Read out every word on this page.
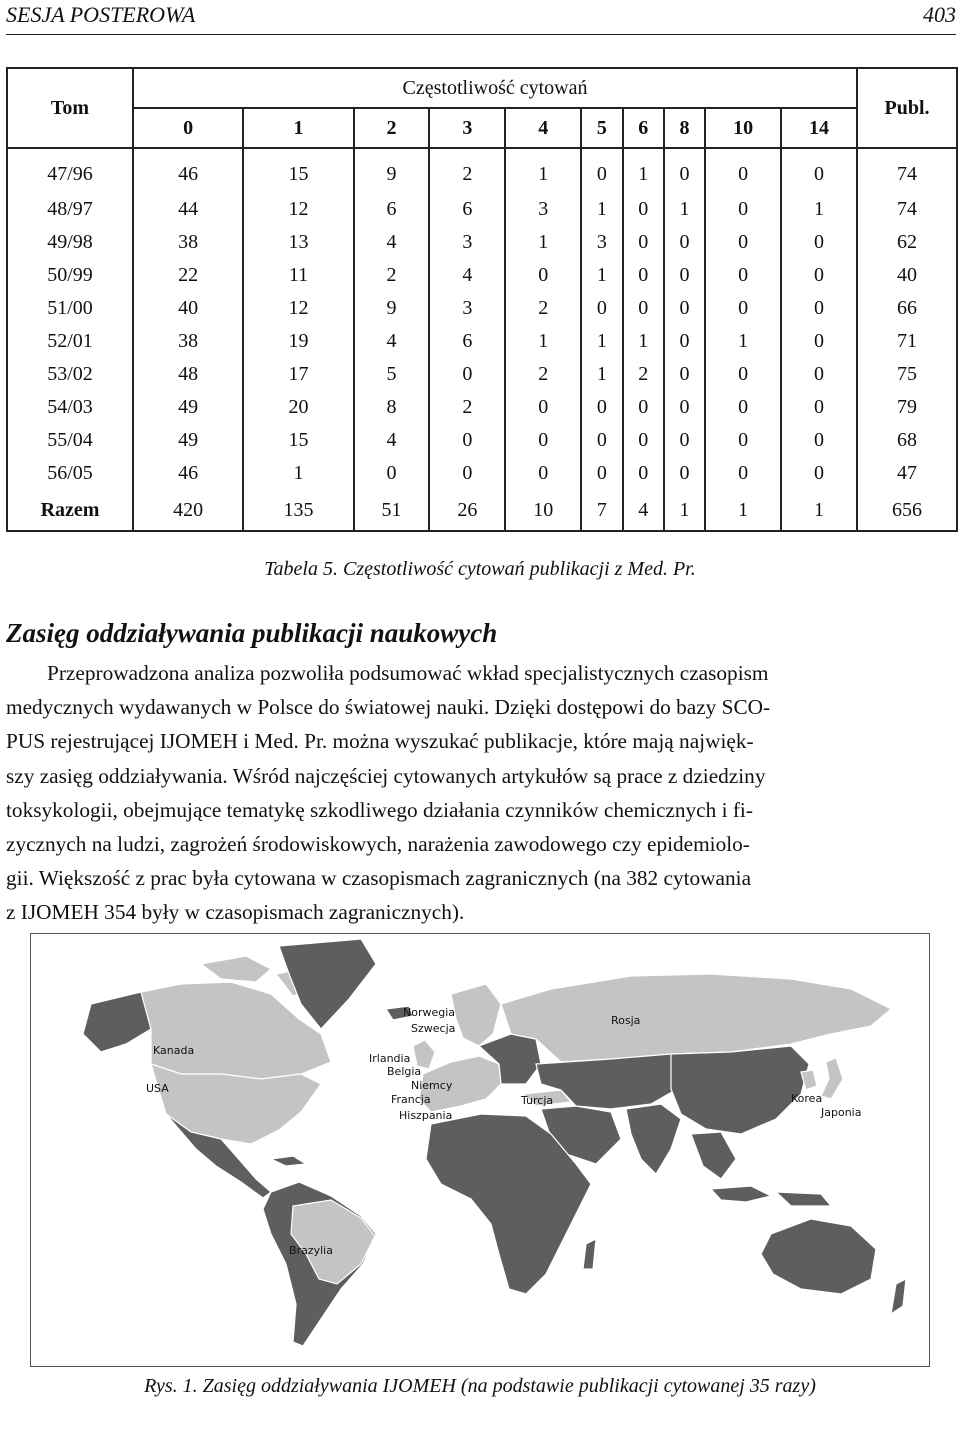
SESJA POSTEROWA	403
Tom	Częstotliwość cytowań										Publ.
	0	1	2	3	4	5	6	8	10	14	
47/96	46	15	9	2	1	0	1	0	0	0	74
48/97	44	12	6	6	3	1	0	1	0	1	74
49/98	38	13	4	3	1	3	0	0	0	0	62
50/99	22	11	2	4	0	1	0	0	0	0	40
51/00	40	12	9	3	2	0	0	0	0	0	66
52/01	38	19	4	6	1	1	1	0	1	0	71
53/02	48	17	5	0	2	1	2	0	0	0	75
54/03	49	20	8	2	0	0	0	0	0	0	79
55/04	49	15	4	0	0	0	0	0	0	0	68
56/05	46	1	0	0	0	0	0	0	0	0	47
Razem	420	135	51	26	10	7	4	1	1	1	656
Tabela 5. Częstotliwość cytowań publikacji z Med. Pr.
Zasięg oddziaływania publikacji naukowych
Przeprowadzona analiza pozwoliła podsumować wkład specjalistycznych czasopism
medycznych wydawanych w Polsce do światowej nauki. Dzięki dostępowi do bazy SCO-
PUS rejestrującej IJOMEH i Med. Pr. można wyszukać publikacje, które mają najwięk-
szy zasięg oddziaływania. Wśród najczęściej cytowanych artykułów są prace z dziedziny
toksykologii, obejmujące tematykę szkodliwego działania czynników chemicznych i fi-
zycznych na ludzi, zagrożeń środowiskowych, narażenia zawodowego czy epidemiolo-
gii. Większość z prac była cytowana w czasopismach zagranicznych (na 382 cytowania
z IJOMEH 354 były w czasopismach zagranicznych).
Kanada
USA
Brazylia
Norwegia
Szwecja
Irlandia
Belgia
Niemcy
Francja
Hiszpania
Turcja
Rosja
Korea
Japonia
Rys. 1. Zasięg oddziaływania IJOMEH (na podstawie publikacji cytowanej 35 razy)
